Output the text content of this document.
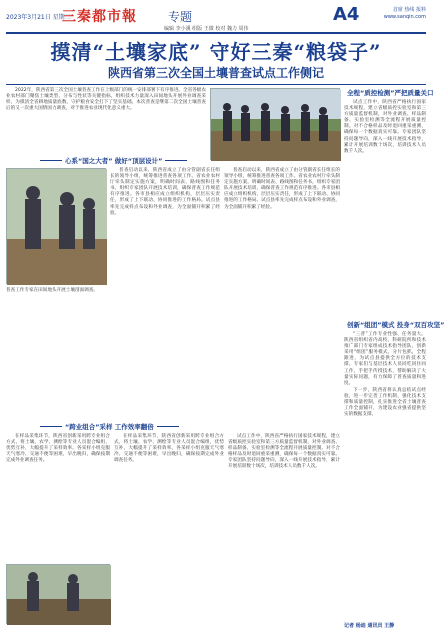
2023年3月21日 星期二
三秦都市報	专题
编辑 李小溪 组版 王微 校对 魏力 周伟
A4	首席 热线 报料
www.sanqin.com
摸清“土壤家底” 守好三秦“粮袋子”
陕西省第三次全国土壤普查试点工作侧记

2022年，陕西省第三次全国土壤普查工作在上级部门的统一安排部署下有序推进。全省各级农业农村部门聚焦土壤类型、分布与性状等关键指标，组织技术力量深入田间地头开展外业调查采样，为摸清全省耕地质量底数、守护粮食安全打下了坚实基础。本次普查是继第二次全国土壤普查后的又一次重大国情国力调查，对于推进农业现代化意义重大。

全程“质控检测”严把质量关口

试点工作中，陕西省严格执行国家技术规程，建立省级质控实验室和第三方质量监督机制，对外业调查、样品制备、实验室检测等全流程开展质量控制。对不合格样品及时退回重采重测，确保每一个数据真实可靠。专家团队坚持问题导向，深入一线开展技术指导，累计开展培训数十场次，培训技术人员数千人次。

心系“国之大者” 做好“顶层设计”
普查工作专家在田间地头开展土壤剖面调查。

普查启动以来，陕西省成立了由分管副省长任组长的领导小组，统筹推进普查各项工作。省农业农村厅牵头制定实施方案，明确时间表、路线图和任务书，组织专家团队开展技术培训，确保普查工作规范有序推进。各市县相应成立组织机构，层层压实责任，形成了上下联动、协同推进的工作格局。试点县率先完成样点布设和外业调查，为全面铺开积累了经验。

普查启动以来，陕西省成立了由分管副省长任组长的领导小组，统筹推进普查各项工作。省农业农村厅牵头制定实施方案，明确时间表、路线图和任务书，组织专家团队开展技术培训，确保普查工作规范有序推进。各市县相应成立组织机构，层层压实责任，形成了上下联动、协同推进的工作格局。试点县率先完成样点布设和外业调查，为全面铺开积累了经验。

创新“组团”模式 投身“双百攻坚”

“三普”工作专业性强、任务量大。陕西省组织省内高校、科研院所和技术推广部门专家组成技术指导团队，创新采用“组团”服务模式，分片包抓，全程跟进，为试点县提供全方位的技术支撑。专家们与基层技术人员同吃同住同工作，手把手传授技术，帮助解决了大量实际问题，有力保障了普查质量和进度。

下一步，陕西省将认真总结试点经验，进一步完善工作机制，强化技术支撑和质量控制，扎实推进全省土壤普查工作全面铺开，为建设农业强省提供坚实的数据支撑。

“跨业组合”采样 工作效率翻倍

在样品采集环节，陕西省创新采用跨专业组合方式，将土壤、农学、测绘等专业人员混合编组，优势互补，大幅提升了采样效率。各采样小组克服天气寒冷、交通不便等困难，早出晚归，确保按期完成外业调查任务。

在样品采集环节，陕西省创新采用跨专业组合方式，将土壤、农学、测绘等专业人员混合编组，优势互补，大幅提升了采样效率。各采样小组克服天气寒冷、交通不便等困难，早出晚归，确保按期完成外业调查任务。

试点工作中，陕西省严格执行国家技术规程，建立省级质控实验室和第三方质量监督机制，对外业调查、样品制备、实验室检测等全流程开展质量控制。对不合格样品及时退回重采重测，确保每一个数据真实可靠。专家团队坚持问题导向，深入一线开展技术指导，累计开展培训数十场次，培训技术人员数千人次。

记者 杨迪 通讯员 王静
